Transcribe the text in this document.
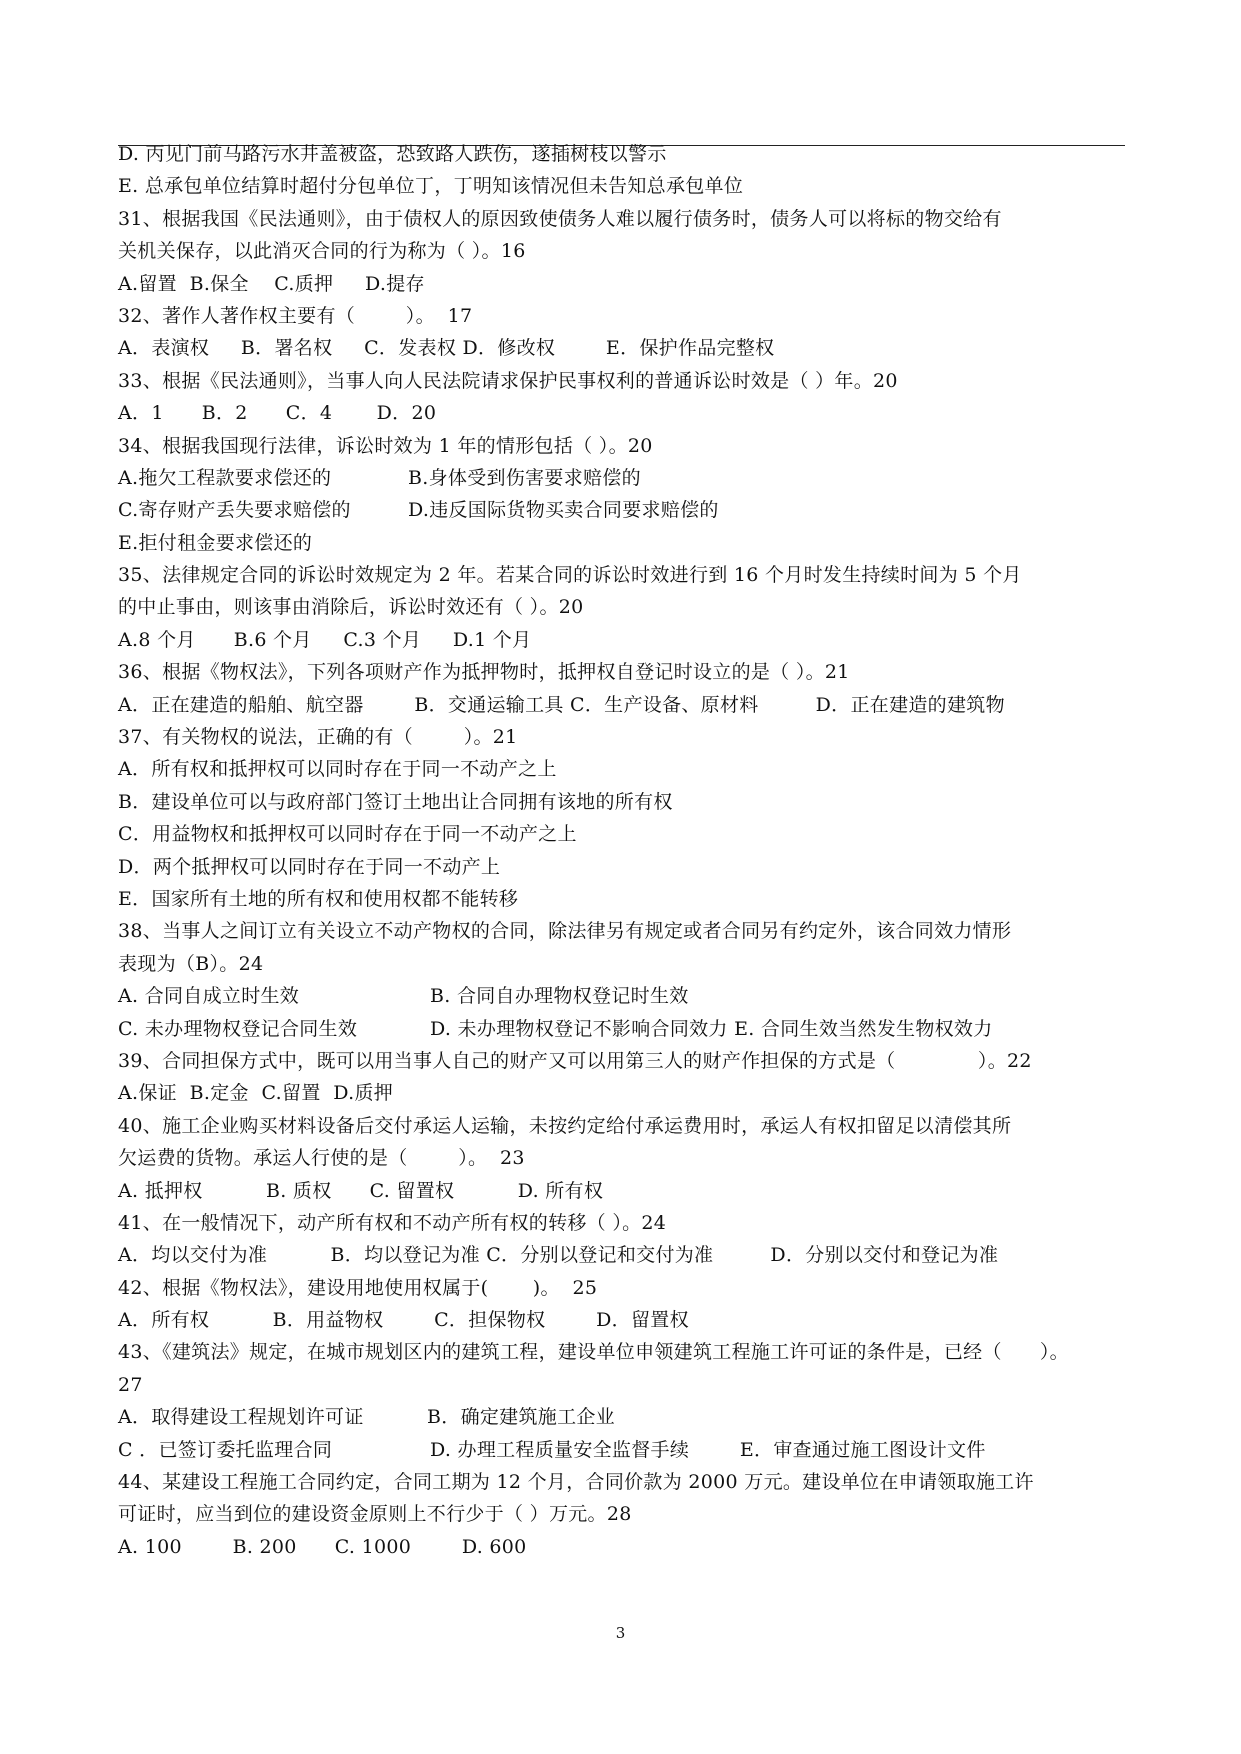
D. 丙见门前马路污水井盖被盗，恐致路人跌伤，遂插树枝以警示
E. 总承包单位结算时超付分包单位丁，丁明知该情况但未告知总承包单位
31、根据我国《民法通则》，由于债权人的原因致使债务人难以履行债务时，债务人可以将标的物交给有
关机关保存，以此消灭合同的行为称为（ ）。16
A.留置  B.保全    C.质押     D.提存
32、著作人著作权主要有（        ）。  17
A．表演权     B．署名权     C．发表权 D．修改权        E．保护作品完整权
33、根据《民法通则》，当事人向人民法院请求保护民事权利的普通诉讼时效是（ ）年。20
A．1      B．2      C．4       D．20
34、根据我国现行法律，诉讼时效为 1 年的情形包括（ ）。20
A.拖欠工程款要求偿还的	B.身体受到伤害要求赔偿的
C.寄存财产丢失要求赔偿的	D.违反国际货物买卖合同要求赔偿的
E.拒付租金要求偿还的
35、法律规定合同的诉讼时效规定为 2 年。若某合同的诉讼时效进行到 16 个月时发生持续时间为 5 个月
的中止事由，则该事由消除后，诉讼时效还有（ ）。20
A.8 个月      B.6 个月     C.3 个月     D.1 个月
36、根据《物权法》，下列各项财产作为抵押物时，抵押权自登记时设立的是（ ）。21
A．正在建造的船舶、航空器        B．交通运输工具 C．生产设备、原材料         D．正在建造的建筑物
37、有关物权的说法，正确的有（        ）。21
A．所有权和抵押权可以同时存在于同一不动产之上
B．建设单位可以与政府部门签订土地出让合同拥有该地的所有权
C．用益物权和抵押权可以同时存在于同一不动产之上
D．两个抵押权可以同时存在于同一不动产上
E．国家所有土地的所有权和使用权都不能转移
38、当事人之间订立有关设立不动产物权的合同，除法律另有规定或者合同另有约定外，该合同效力情形
表现为（B）。24
A. 合同自成立时生效	B. 合同自办理物权登记时生效
C. 未办理物权登记合同生效	D. 未办理物权登记不影响合同效力 E. 合同生效当然发生物权效力
39、合同担保方式中，既可以用当事人自己的财产又可以用第三人的财产作担保的方式是（             ）。22
A.保证  B.定金  C.留置  D.质押
40、施工企业购买材料设备后交付承运人运输，未按约定给付承运费用时，承运人有权扣留足以清偿其所
欠运费的货物。承运人行使的是（        ）。  23
A. 抵押权          B. 质权      C. 留置权          D. 所有权
41、在一般情况下，动产所有权和不动产所有权的转移（ ）。24
A．均以交付为准          B．均以登记为准 C．分别以登记和交付为准         D．分别以交付和登记为准
42、根据《物权法》，建设用地使用权属于(       )。  25
A．所有权          B．用益物权        C．担保物权        D．留置权
43、《建筑法》规定，在城市规划区内的建筑工程，建设单位申领建筑工程施工许可证的条件是，已经（      ）。
27
A．取得建设工程规划许可证          B．确定建筑施工企业
C ．已签订委托监理合同	D. 办理工程质量安全监督手续        E．审查通过施工图设计文件
44、某建设工程施工合同约定，合同工期为 12 个月，合同价款为 2000 万元。建设单位在申请领取施工许
可证时，应当到位的建设资金原则上不行少于（ ）万元。28
A. 100        B. 200      C. 1000        D. 600
3
